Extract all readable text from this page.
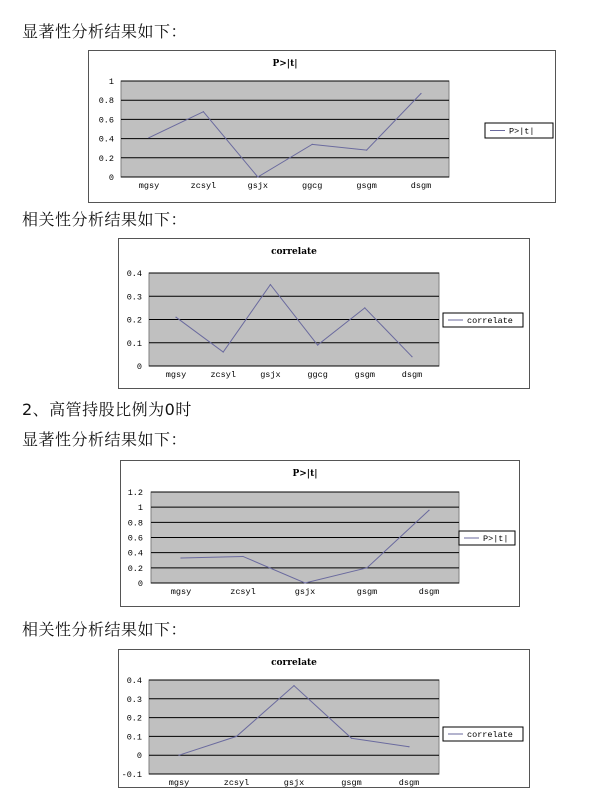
显著性分析结果如下：
P>|t|
0
0.2
0.4
0.6
0.8
1
mgsy	zcsyl	gsjx	ggcg	gsgm	dsgm
P>|t|
相关性分析结果如下：
correlate
0
0.1
0.2
0.3
0.4
mgsy	zcsyl	gsjx	ggcg	gsgm	dsgm
correlate
2、高管持股比例为0时
显著性分析结果如下：
P>|t|
0
0.2
0.4
0.6
0.8
1
1.2
mgsy	zcsyl	gsjx	gsgm	dsgm
P>|t|
相关性分析结果如下：
correlate
-0.1
0
0.1
0.2
0.3
0.4
mgsy	zcsyl	gsjx	gsgm	dsgm
correlate
